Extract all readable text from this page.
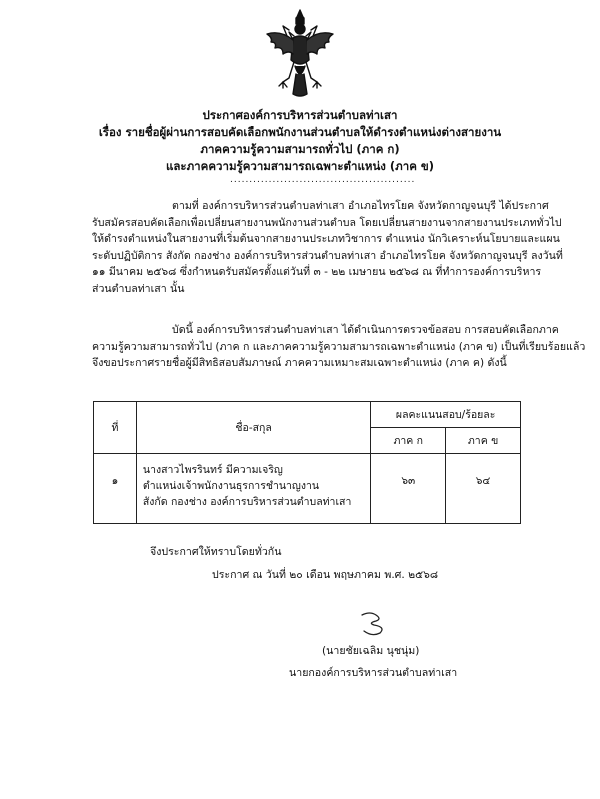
ประกาศองค์การบริหารส่วนตำบลท่าเสา
เรื่อง รายชื่อผู้ผ่านการสอบคัดเลือกพนักงานส่วนตำบลให้ดำรงตำแหน่งต่างสายงาน
ภาคความรู้ความสามารถทั่วไป (ภาค ก)
และภาคความรู้ความสามารถเฉพาะตำแหน่ง (ภาค ข)
................................................
ตามที่ องค์การบริหารส่วนตำบลท่าเสา อำเภอไทรโยค จังหวัดกาญจนบุรี ได้ประกาศ
รับสมัครสอบคัดเลือกเพื่อเปลี่ยนสายงานพนักงานส่วนตำบล โดยเปลี่ยนสายงานจากสายงานประเภททั่วไป
ให้ดำรงตำแหน่งในสายงานที่เริ่มต้นจากสายงานประเภทวิชาการ ตำแหน่ง นักวิเคราะห์นโยบายและแผน
ระดับปฏิบัติการ สังกัด กองช่าง องค์การบริหารส่วนตำบลท่าเสา อำเภอไทรโยค จังหวัดกาญจนบุรี ลงวันที่
๑๑ มีนาคม ๒๕๖๘ ซึ่งกำหนดรับสมัครตั้งแต่วันที่ ๓ - ๒๒ เมษายน ๒๕๖๘ ณ ที่ทำการองค์การบริหาร
ส่วนตำบลท่าเสา นั้น
บัดนี้ องค์การบริหารส่วนตำบลท่าเสา ได้ดำเนินการตรวจข้อสอบ การสอบคัดเลือกภาค
ความรู้ความสามารถทั่วไป (ภาค ก และภาคความรู้ความสามารถเฉพาะตำแหน่ง (ภาค ข) เป็นที่เรียบร้อยแล้ว
จึงขอประกาศรายชื่อผู้มีสิทธิสอบสัมภาษณ์ ภาคความเหมาะสมเฉพาะตำแหน่ง (ภาค ค) ดังนี้
ที่	ชื่อ-สกุล	ผลคะแนนสอบ/ร้อยละ	
		ภาค ก	ภาค ข
๑	นางสาวไพรรินทร์ มีความเจริญ
ตำแหน่งเจ้าพนักงานธุรการชำนาญงาน
สังกัด กองช่าง องค์การบริหารส่วนตำบลท่าเสา	๖๓	๖๔
จึงประกาศให้ทราบโดยทั่วกัน
ประกาศ ณ วันที่ ๒๐ เดือน พฤษภาคม พ.ศ. ๒๕๖๘
(นายชัยเฉลิม นุชนุ่ม)
นายกองค์การบริหารส่วนตำบลท่าเสา
